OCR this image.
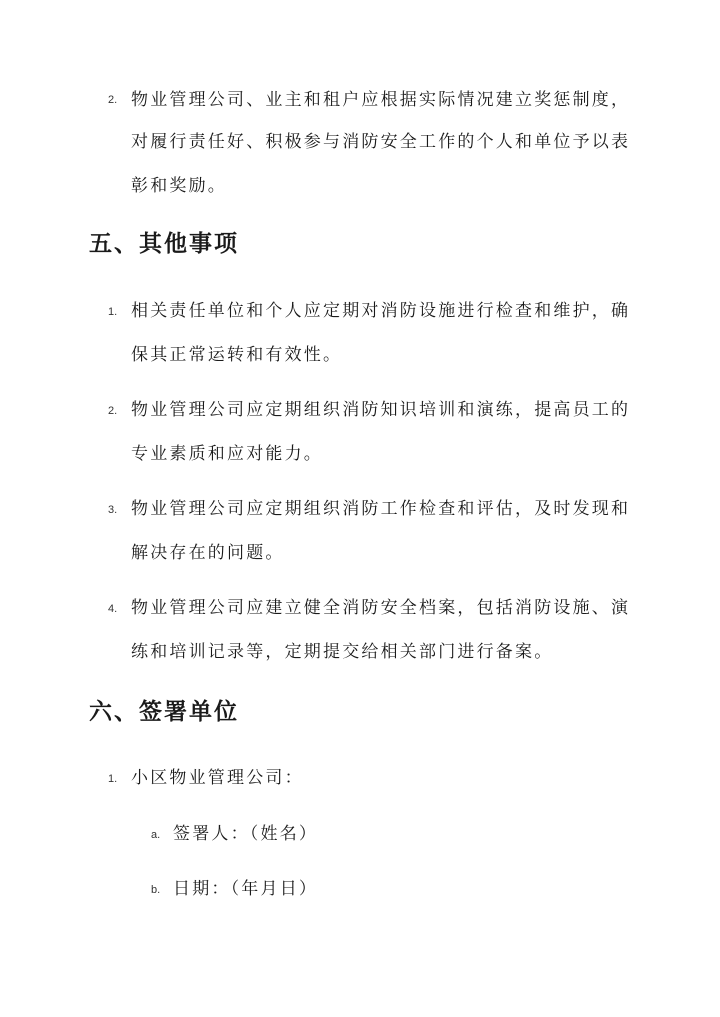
2. 物业管理公司、业主和租户应根据实际情况建立奖惩制度，
对履行责任好、积极参与消防安全工作的个人和单位予以表
彰和奖励。
五、其他事项
1. 相关责任单位和个人应定期对消防设施进行检查和维护，确
保其正常运转和有效性。
2. 物业管理公司应定期组织消防知识培训和演练，提高员工的
专业素质和应对能力。
3. 物业管理公司应定期组织消防工作检查和评估，及时发现和
解决存在的问题。
4. 物业管理公司应建立健全消防安全档案，包括消防设施、演
练和培训记录等，定期提交给相关部门进行备案。
六、签署单位
1. 小区物业管理公司：
a. 签署人：（姓名）
b. 日期：（年月日）
